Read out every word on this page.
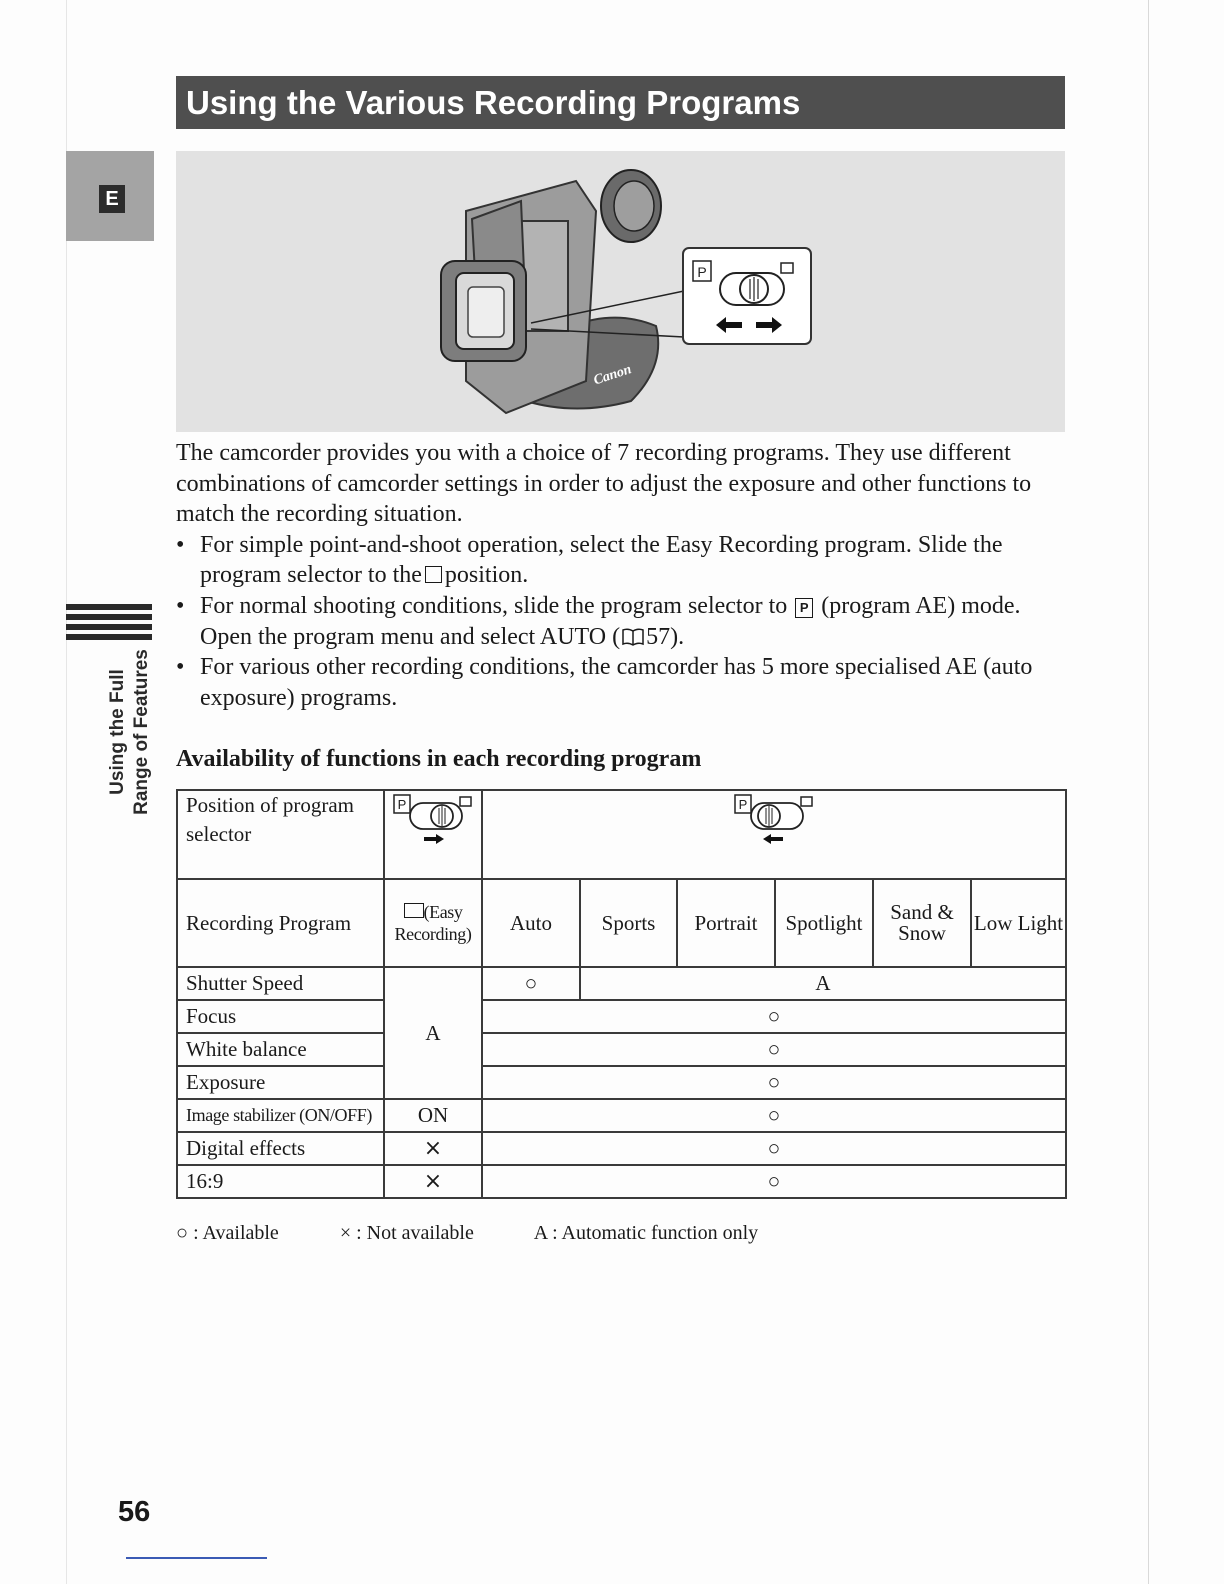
Using the Various Recording Programs
E
Using the Full Range of Features
Canon
P

The camcorder provides you with a choice of 7 recording programs. They use different combinations of camcorder settings in order to adjust the exposure and other functions to match the recording situation.

• For simple point-and-shoot operation, select the Easy Recording program. Slide the program selector to the position.
• For normal shooting conditions, slide the program selector to P (program AE) mode. Open the program menu and select AUTO ( 57).
• For various other recording conditions, the camcorder has 5 more specialised AE (auto exposure) programs.
Availability of functions in each recording program
Position of program selector	P	P					

Recording Program	(Easy Recording)	Auto	Sports	Portrait	Spotlight	Sand & Snow	Low Light
Shutter Speed	A	○	A				
Focus		○					
White balance		○					
Exposure		○					
Image stabilizer (ON/OFF)	ON	○					
Digital effects	×	○					
16:9	×	○					
○ : Available	× : Not available	A : Automatic function only
56
